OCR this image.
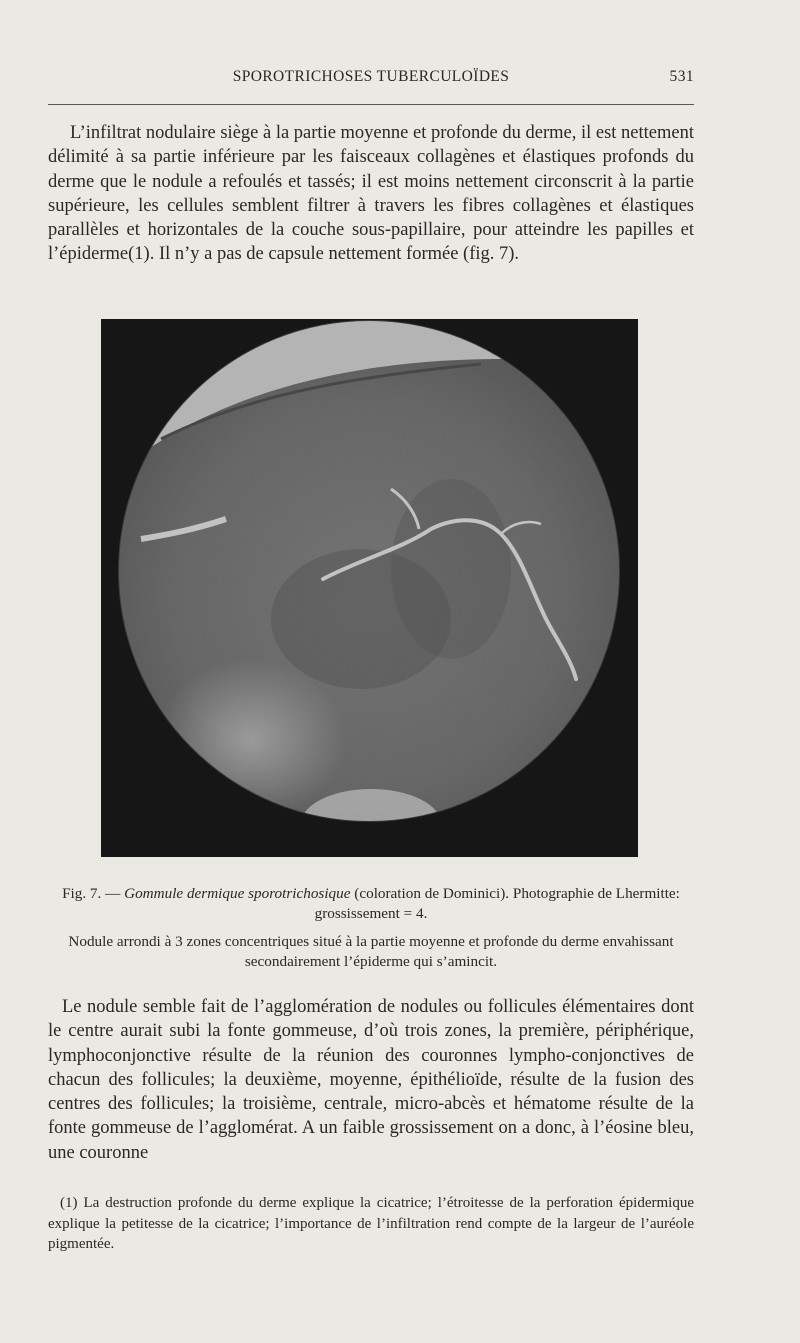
SPOROTRICHOSES TUBERCULOÏDES	531

L’infiltrat nodulaire siège à la partie moyenne et profonde du derme, il est nettement délimité à sa partie inférieure par les faisceaux collagènes et élastiques profonds du derme que le nodule a refoulés et tassés; il est moins nettement circonscrit à la partie supérieure, les cellules semblent filtrer à travers les fibres collagènes et élastiques parallèles et horizontales de la couche sous-papillaire, pour atteindre les papilles et l’épiderme(1). Il n’y a pas de capsule nettement formée (fig. 7).

Fig. 7. — Gommule dermique sporotrichosique (coloration de Dominici). Photographie de Lhermitte: grossissement = 4.

Nodule arrondi à 3 zones concentriques situé à la partie moyenne et profonde du derme envahissant secondairement l’épiderme qui s’amincit.

Le nodule semble fait de l’agglomération de nodules ou follicules élémentaires dont le centre aurait subi la fonte gommeuse, d’où trois zones, la première, périphérique, lymphoconjonctive résulte de la réunion des couronnes lympho-conjonctives de chacun des follicules; la deuxième, moyenne, épithélioïde, résulte de la fusion des centres des follicules; la troisième, centrale, micro-abcès et hématome résulte de la fonte gommeuse de l’agglomérat. A un faible grossissement on a donc, à l’éosine bleu, une couronne

(1) La destruction profonde du derme explique la cicatrice; l’étroitesse de la perforation épidermique explique la petitesse de la cicatrice; l’importance de l’infiltration rend compte de la largeur de l’auréole pigmentée.
